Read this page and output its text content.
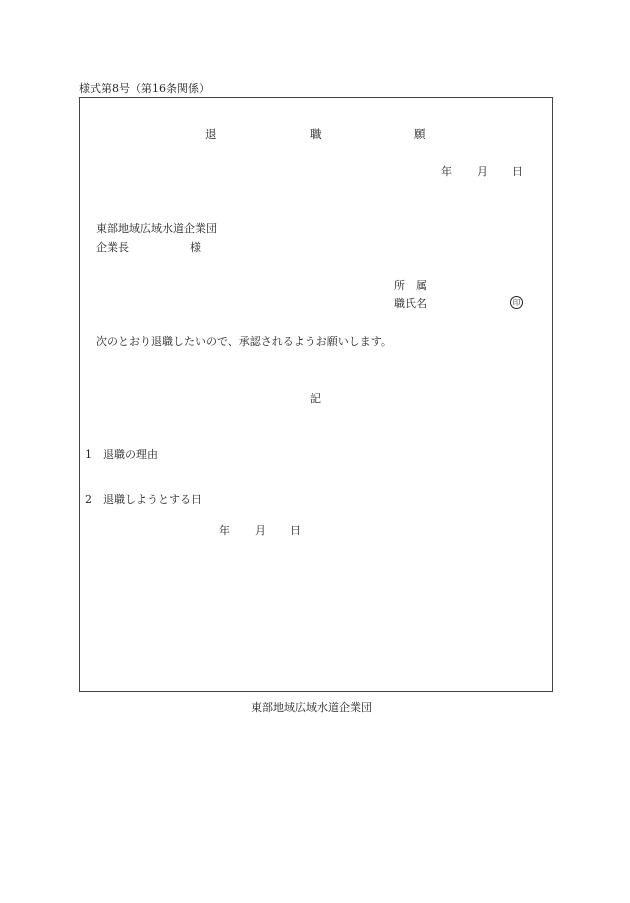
様式第8号（第16条関係）
退	職	願
年 月 日
東部地域広域水道企業団
企業長	様
所　属
職氏名	印
次のとおり退職したいので、承認されるようお願いします。
記
1 退職の理由
2 退職しようとする日
年 月 日
東部地域広域水道企業団
